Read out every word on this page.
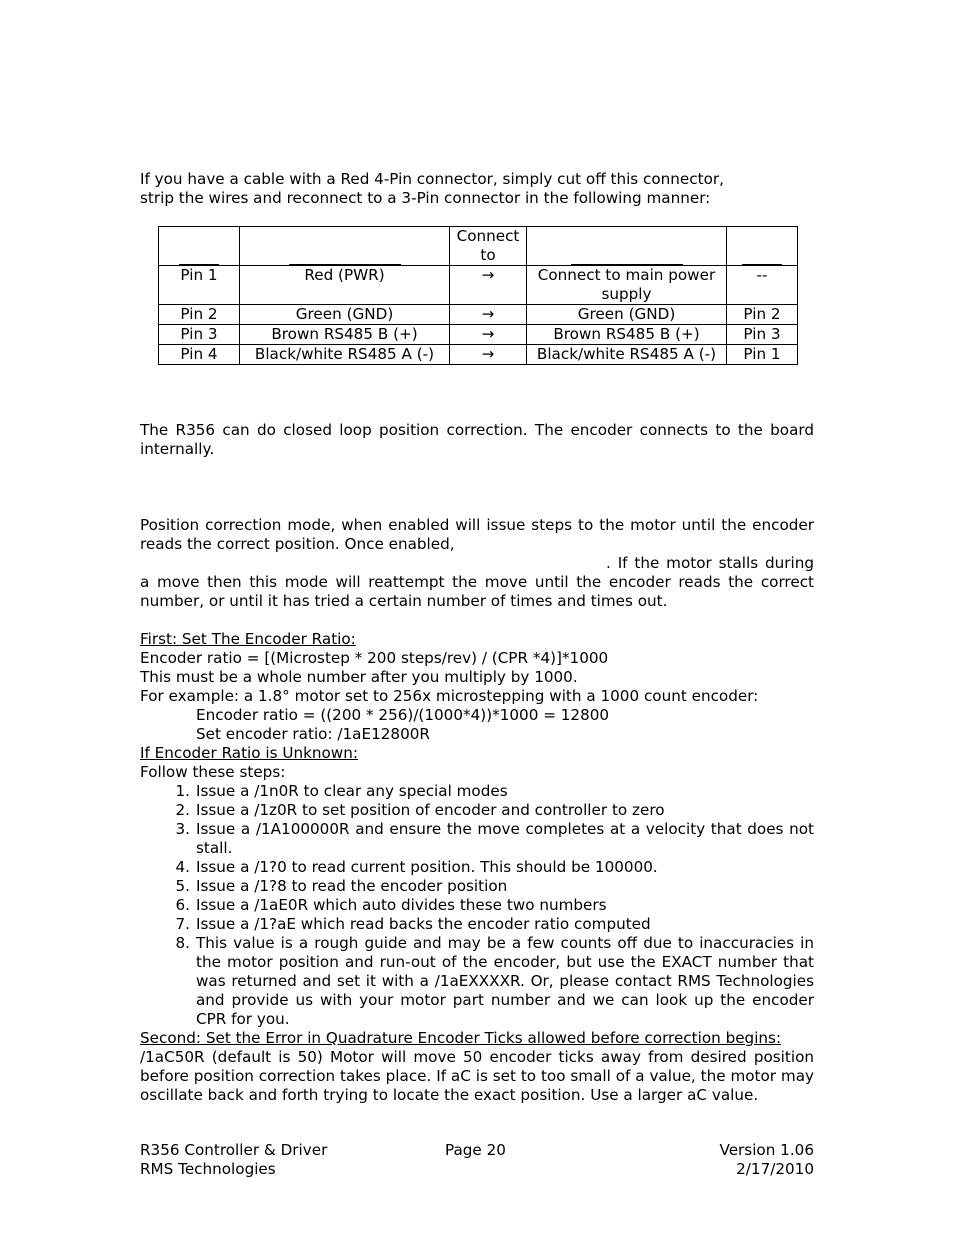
If you have a cable with a Red 4-Pin connector, simply cut off this connector,

strip the wires and reconnect to a 3-Pin connector in the following manner:

	Connect to	

Pin 1	Red (PWR)	→	Connect to main power supply	--
Pin 2	Green (GND)	→	Green (GND)	Pin 2
Pin 3	Brown RS485 B (+)	→	Brown RS485 B (+)	Pin 3
Pin 4	Black/white RS485 A (-)	→	Black/white RS485 A (-)	Pin 1

The R356 can do closed loop position correction. The encoder connects to the board internally.

Position correction mode, when enabled will issue steps to the motor until the encoder reads the correct position. Once enabled,
. If the motor stalls during a move then this mode will reattempt the move until the encoder reads the correct number, or until it has tried a certain number of times and times out.

First: Set The Encoder Ratio:

Encoder ratio = [(Microstep * 200 steps/rev) / (CPR *4)]*1000

This must be a whole number after you multiply by 1000.

For example: a 1.8° motor set to 256x microstepping with a 1000 count encoder:

Encoder ratio = ((200 * 256)/(1000*4))*1000 = 12800

Set encoder ratio: /1aE12800R

If Encoder Ratio is Unknown:

Follow these steps:

1. Issue a /1n0R to clear any special modes
2. Issue a /1z0R to set position of encoder and controller to zero
3. Issue a /1A100000R and ensure the move completes at a velocity that does not stall.
4. Issue a /1?0 to read current position. This should be 100000.
5. Issue a /1?8 to read the encoder position
6. Issue a /1aE0R which auto divides these two numbers
7. Issue a /1?aE which read backs the encoder ratio computed
8. This value is a rough guide and may be a few counts off due to inaccuracies in the motor position and run-out of the encoder, but use the EXACT number that was returned and set it with a /1aEXXXXR. Or, please contact RMS Technologies and provide us with your motor part number and we can look up the encoder CPR for you.

Second: Set the Error in Quadrature Encoder Ticks allowed before correction begins:

/1aC50R (default is 50) Motor will move 50 encoder ticks away from desired position before position correction takes place. If aC is set to too small of a value, the motor may oscillate back and forth trying to locate the exact position. Use a larger aC value.

R356 Controller & Driver	Page 20	Version 1.06
RMS Technologies	2/17/2010
